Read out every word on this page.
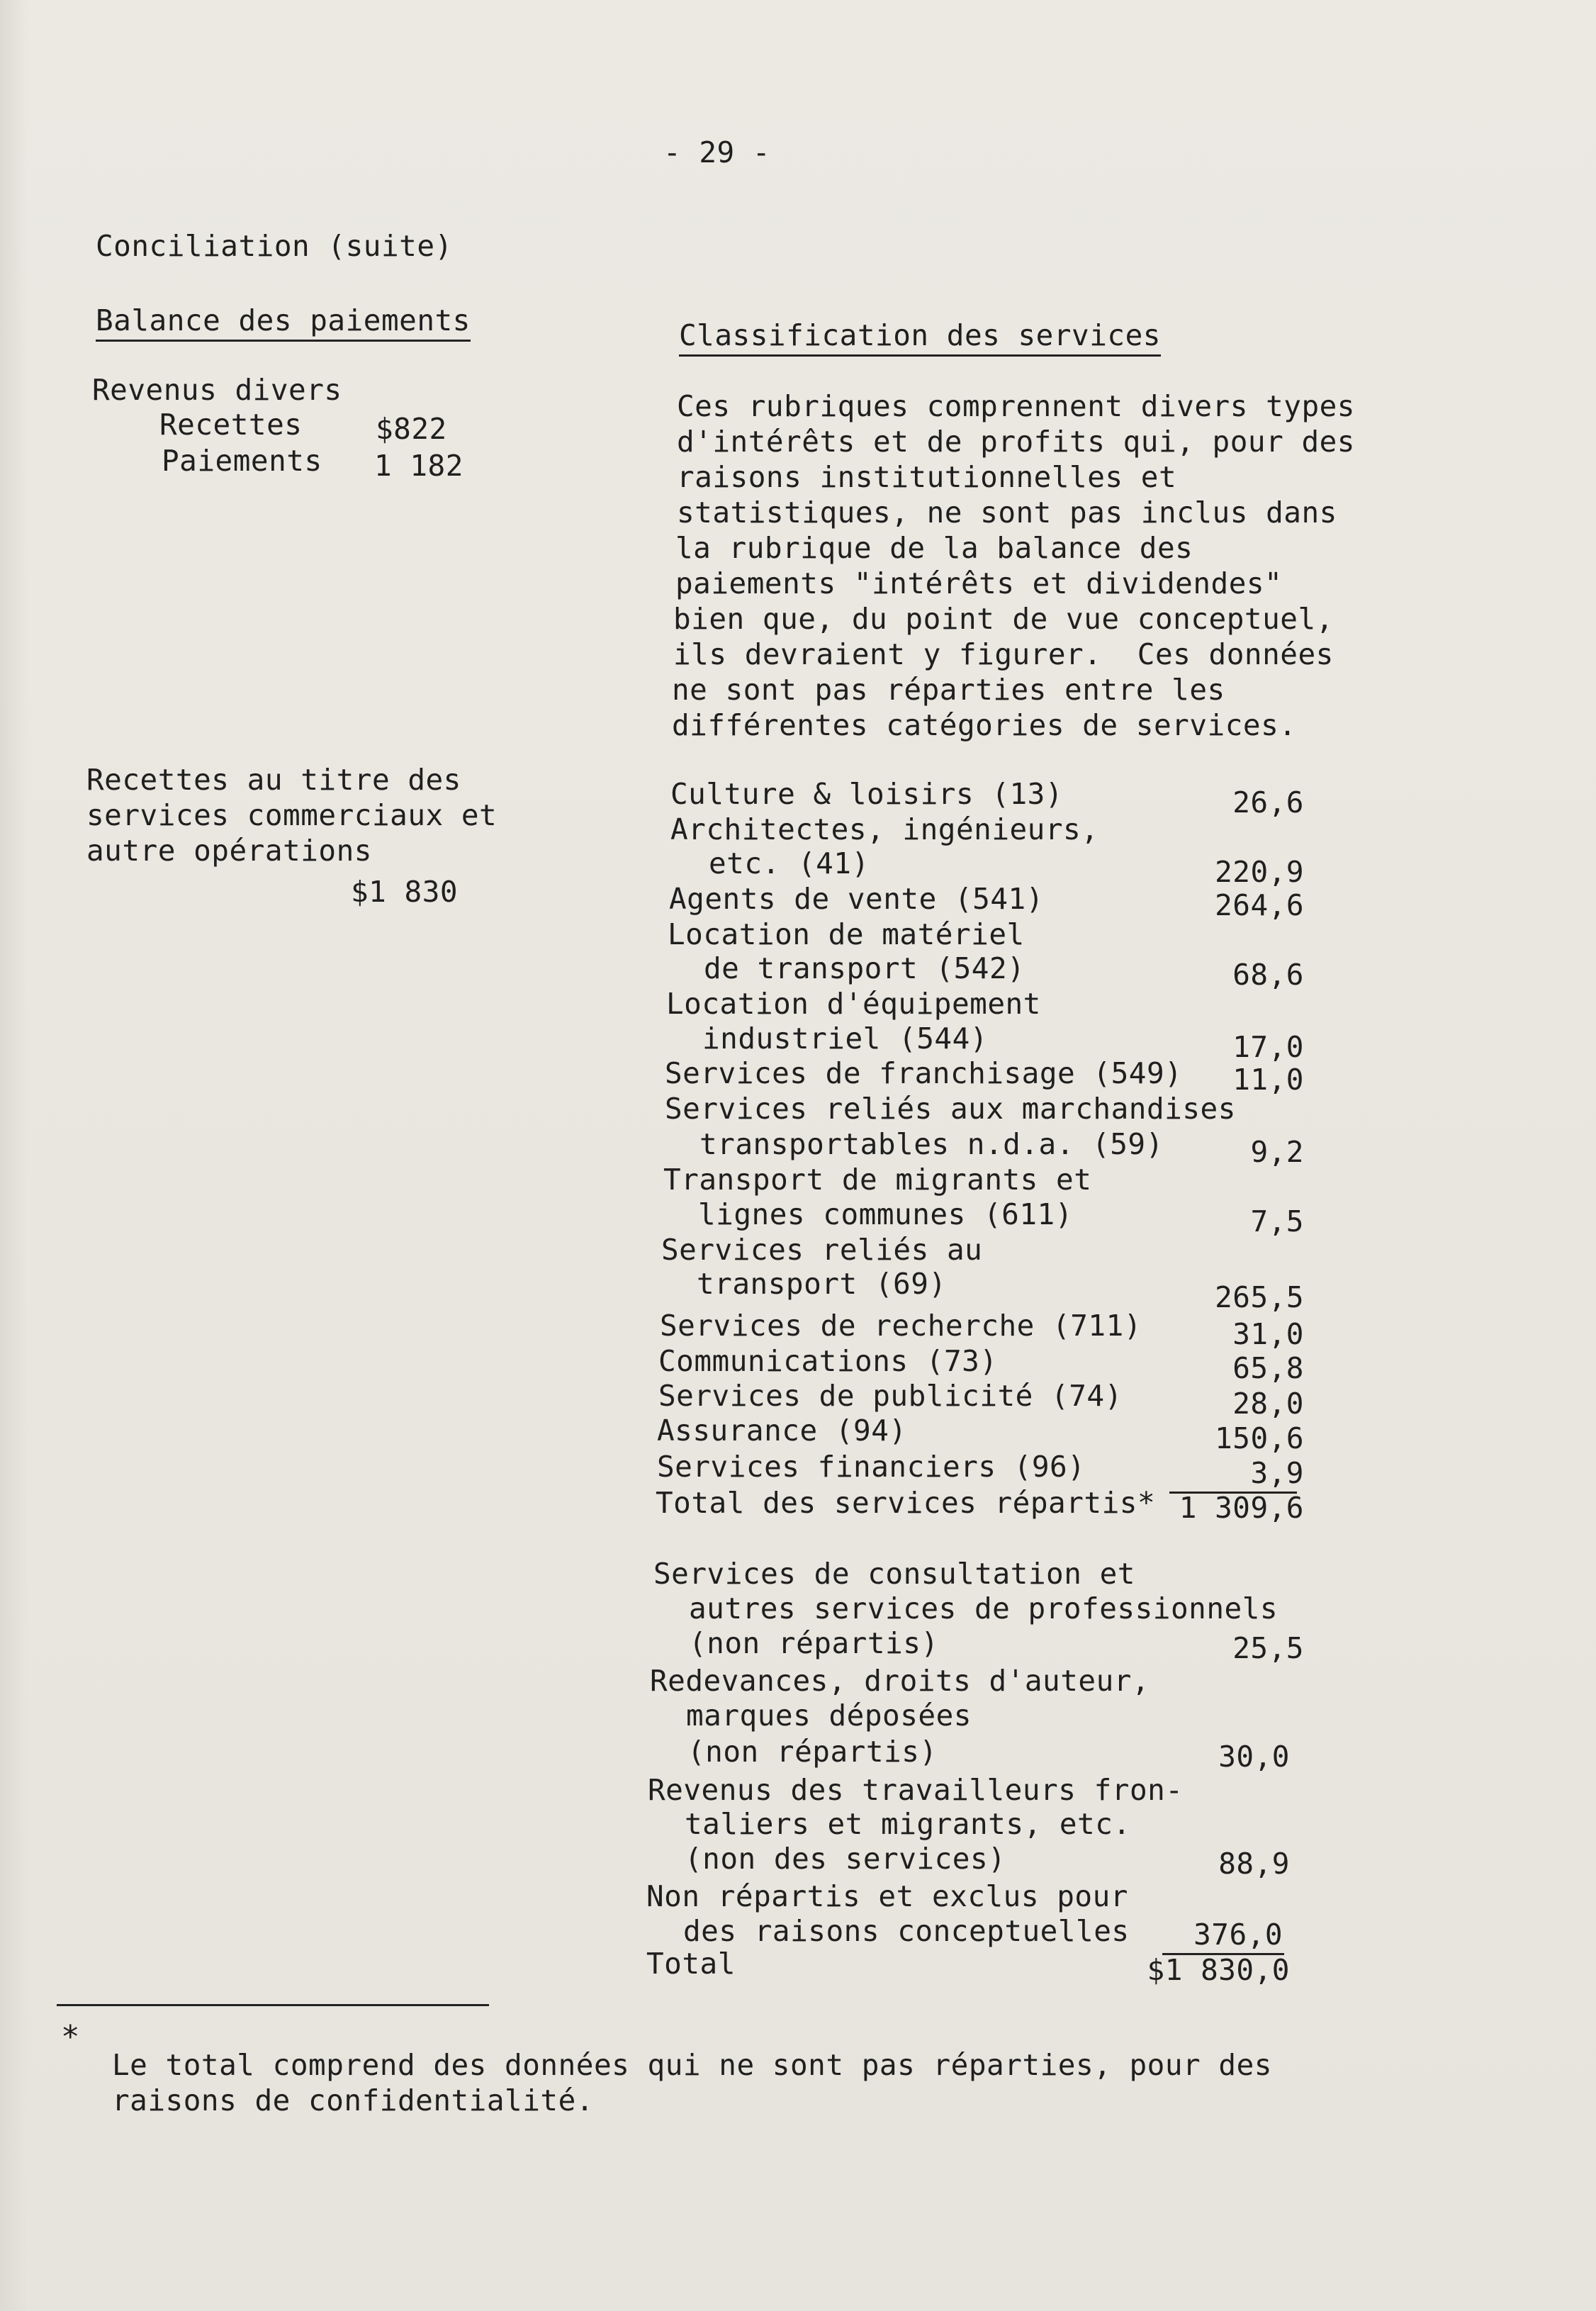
- 29 -
Conciliation (suite)
Balance des paiements
Revenus divers
Recettes	$822
Paiements 1 182
Recettes au titre des
services commerciaux et
autre opérations
$1 830
Classification des services
Ces rubriques comprennent divers types
d'intérêts et de profits qui, pour des
raisons institutionnelles et
statistiques, ne sont pas inclus dans
la rubrique de la balance des
paiements "intérêts et dividendes"
bien que, du point de vue conceptuel,
ils devraient y figurer.  Ces données
ne sont pas réparties entre les
différentes catégories de services.
Culture & loisirs (13)	26,6
Architectes, ingénieurs,
etc. (41)	220,9
Agents de vente (541)	264,6
Location de matériel
de transport (542)	68,6
Location d'équipement
industriel (544)	17,0
Services de franchisage (549)	11,0
Services reliés aux marchandises
transportables n.d.a. (59)	9,2
Transport de migrants et
lignes communes (611)	7,5
Services reliés au
transport (69)	265,5
Services de recherche (711)	31,0
Communications (73)	65,8
Services de publicité (74)	28,0
Assurance (94)	150,6
Services financiers (96)	3,9
Total des services répartis* 1 309,6
Services de consultation et
autres services de professionnels
(non répartis)	25,5
Redevances, droits d'auteur,
marques déposées
(non répartis)	30,0
Revenus des travailleurs fron-
taliers et migrants, etc.
(non des services)	88,9
Non répartis et exclus pour
des raisons conceptuelles	376,0
Total	$1 830,0
*
Le total comprend des données qui ne sont pas réparties, pour des
raisons de confidentialité.
